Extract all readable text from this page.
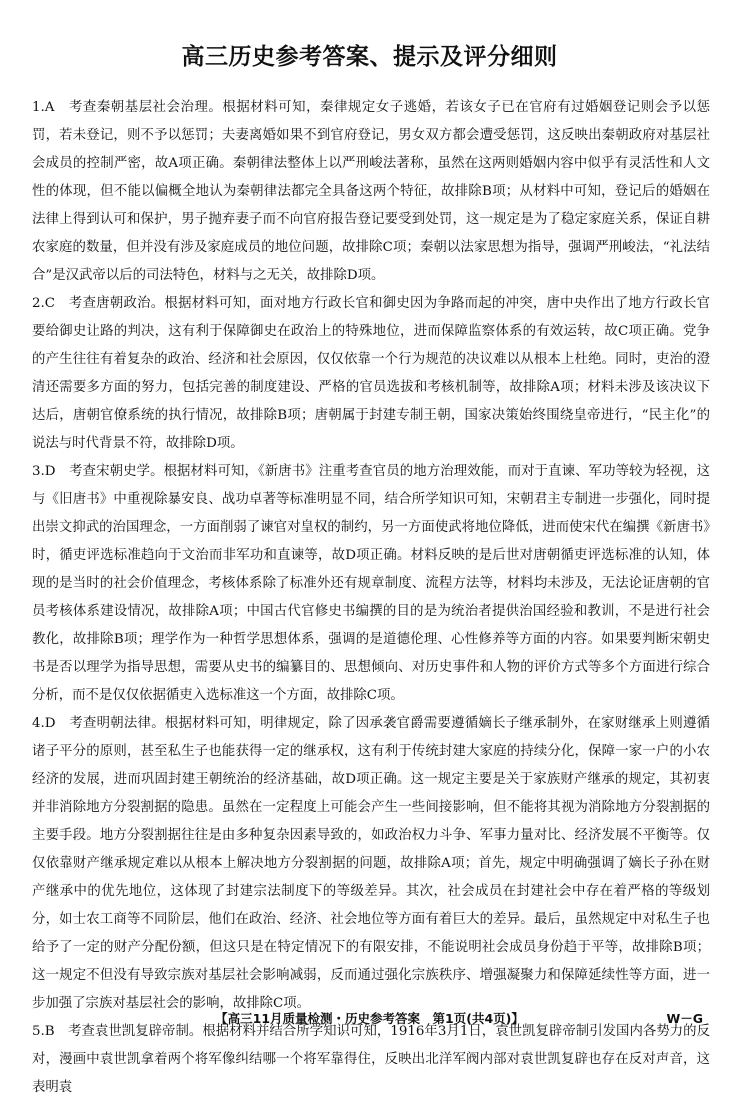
高三历史参考答案、提示及评分细则

1.A　考查秦朝基层社会治理。根据材料可知，秦律规定女子逃婚，若该女子已在官府有过婚姻登记则会予以惩罚，若未登记，则不予以惩罚；夫妻离婚如果不到官府登记，男女双方都会遭受惩罚，这反映出秦朝政府对基层社会成员的控制严密，故A项正确。秦朝律法整体上以严刑峻法著称，虽然在这两则婚姻内容中似乎有灵活性和人文性的体现，但不能以偏概全地认为秦朝律法都完全具备这两个特征，故排除B项；从材料中可知，登记后的婚姻在法律上得到认可和保护，男子抛弃妻子而不向官府报告登记要受到处罚，这一规定是为了稳定家庭关系，保证自耕农家庭的数量，但并没有涉及家庭成员的地位问题，故排除C项；秦朝以法家思想为指导，强调严刑峻法，“礼法结合”是汉武帝以后的司法特色，材料与之无关，故排除D项。

2.C　考查唐朝政治。根据材料可知，面对地方行政长官和御史因为争路而起的冲突，唐中央作出了地方行政长官要给御史让路的判决，这有利于保障御史在政治上的特殊地位，进而保障监察体系的有效运转，故C项正确。党争的产生往往有着复杂的政治、经济和社会原因，仅仅依靠一个行为规范的决议难以从根本上杜绝。同时，吏治的澄清还需要多方面的努力，包括完善的制度建设、严格的官员选拔和考核机制等，故排除A项；材料未涉及该决议下达后，唐朝官僚系统的执行情况，故排除B项；唐朝属于封建专制王朝，国家决策始终围绕皇帝进行，“民主化”的说法与时代背景不符，故排除D项。

3.D　考查宋朝史学。根据材料可知，《新唐书》注重考查官员的地方治理效能，而对于直谏、军功等较为轻视，这与《旧唐书》中重视除暴安良、战功卓著等标准明显不同，结合所学知识可知，宋朝君主专制进一步强化，同时提出崇文抑武的治国理念，一方面削弱了谏官对皇权的制约，另一方面使武将地位降低，进而使宋代在编撰《新唐书》时，循吏评选标准趋向于文治而非军功和直谏等，故D项正确。材料反映的是后世对唐朝循吏评选标准的认知，体现的是当时的社会价值理念，考核体系除了标准外还有规章制度、流程方法等，材料均未涉及，无法论证唐朝的官员考核体系建设情况，故排除A项；中国古代官修史书编撰的目的是为统治者提供治国经验和教训，不是进行社会教化，故排除B项；理学作为一种哲学思想体系，强调的是道德伦理、心性修养等方面的内容。如果要判断宋朝史书是否以理学为指导思想，需要从史书的编纂目的、思想倾向、对历史事件和人物的评价方式等多个方面进行综合分析，而不是仅仅依据循吏入选标准这一个方面，故排除C项。

4.D　考查明朝法律。根据材料可知，明律规定，除了因承袭官爵需要遵循嫡长子继承制外，在家财继承上则遵循诸子平分的原则，甚至私生子也能获得一定的继承权，这有利于传统封建大家庭的持续分化，保障一家一户的小农经济的发展，进而巩固封建王朝统治的经济基础，故D项正确。这一规定主要是关于家族财产继承的规定，其初衷并非消除地方分裂割据的隐患。虽然在一定程度上可能会产生一些间接影响，但不能将其视为消除地方分裂割据的主要手段。地方分裂割据往往是由多种复杂因素导致的，如政治权力斗争、军事力量对比、经济发展不平衡等。仅仅依靠财产继承规定难以从根本上解决地方分裂割据的问题，故排除A项；首先，规定中明确强调了嫡长子孙在财产继承中的优先地位，这体现了封建宗法制度下的等级差异。其次，社会成员在封建社会中存在着严格的等级划分，如士农工商等不同阶层，他们在政治、经济、社会地位等方面有着巨大的差异。最后，虽然规定中对私生子也给予了一定的财产分配份额，但这只是在特定情况下的有限安排，不能说明社会成员身份趋于平等，故排除B项；这一规定不但没有导致宗族对基层社会影响减弱，反而通过强化宗族秩序、增强凝聚力和保障延续性等方面，进一步加强了宗族对基层社会的影响，故排除C项。

5.B　考查袁世凯复辟帝制。根据材料并结合所学知识可知，1916年3月1日，袁世凯复辟帝制引发国内各势力的反对，漫画中袁世凯拿着两个将军像纠结哪一个将军靠得住，反映出北洋军阀内部对袁世凯复辟也存在反对声音，这表明袁

【高三11月质量检测・历史参考答案　第1页(共4页)】	W－G
